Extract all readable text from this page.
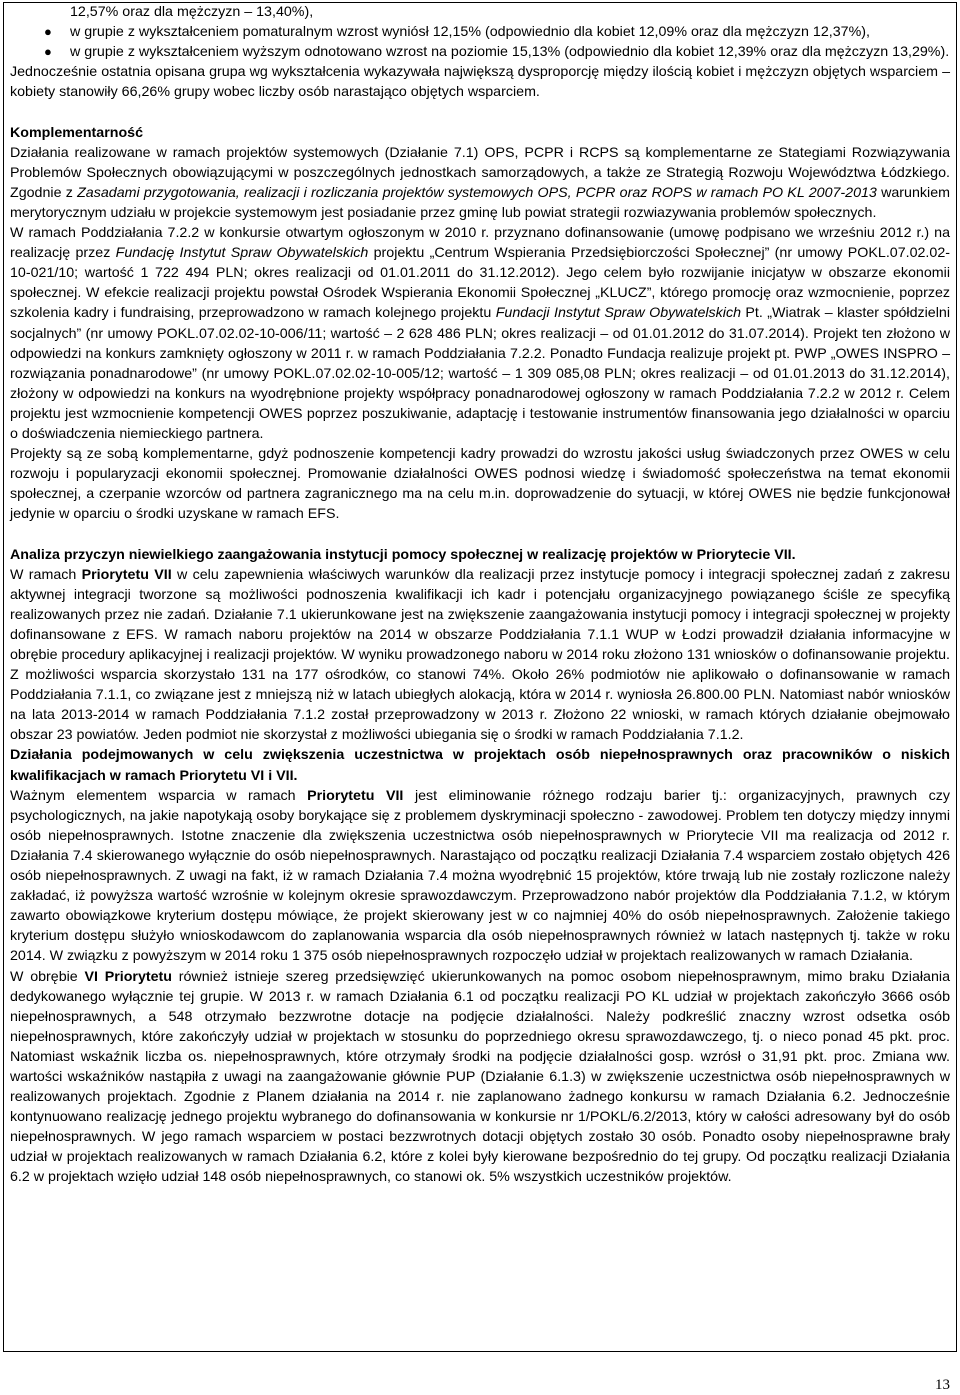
12,57% oraz dla mężczyzn – 13,40%),
● w grupie z wykształceniem pomaturalnym wzrost wyniósł 12,15% (odpowiednio dla kobiet 12,09% oraz dla mężczyzn 12,37%),
● w grupie z wykształceniem wyższym odnotowano wzrost na poziomie 15,13% (odpowiednio dla kobiet 12,39% oraz dla mężczyzn 13,29%).

Jednocześnie ostatnia opisana grupa wg wykształcenia wykazywała największą dysproporcję między ilością kobiet i mężczyzn objętych wsparciem – kobiety stanowiły 66,26% grupy wobec liczby osób narastająco objętych wsparciem.

Komplementarność

Działania realizowane w ramach projektów systemowych (Działanie 7.1) OPS, PCPR i RCPS są komplementarne ze Stategiami Rozwiązywania Problemów Społecznych obowiązującymi w poszczególnych jednostkach samorządowych, a także ze Strategią Rozwoju Województwa Łódzkiego. Zgodnie z Zasadami przygotowania, realizacji i rozliczania projektów systemowych OPS, PCPR oraz ROPS w ramach PO KL 2007-2013 warunkiem merytorycznym udziału w projekcie systemowym jest posiadanie przez gminę lub powiat strategii rozwiazywania problemów społecznych.

W ramach Poddziałania 7.2.2 w konkursie otwartym ogłoszonym w 2010 r. przyznano dofinansowanie (umowę podpisano we wrześniu 2012 r.) na realizację przez Fundację Instytut Spraw Obywatelskich projektu „Centrum Wspierania Przedsiębiorczości Społecznej” (nr umowy POKL.07.02.02-10-021/10; wartość 1 722 494 PLN; okres realizacji od 01.01.2011 do 31.12.2012). Jego celem było rozwijanie inicjatyw w obszarze ekonomii społecznej. W efekcie realizacji projektu powstał Ośrodek Wspierania Ekonomii Społecznej „KLUCZ”, którego promocję oraz wzmocnienie, poprzez szkolenia kadry i fundraising, przeprowadzono w ramach kolejnego projektu Fundacji Instytut Spraw Obywatelskich Pt. „Wiatrak – klaster spółdzielni socjalnych” (nr umowy POKL.07.02.02-10-006/11; wartość – 2 628 486 PLN; okres realizacji – od 01.01.2012 do 31.07.2014). Projekt ten złożono w odpowiedzi na konkurs zamknięty ogłoszony w 2011 r. w ramach Poddziałania 7.2.2. Ponadto Fundacja realizuje projekt pt. PWP „OWES INSPRO – rozwiązania ponadnarodowe” (nr umowy POKL.07.02.02-10-005/12; wartość – 1 309 085,08 PLN; okres realizacji – od 01.01.2013 do 31.12.2014), złożony w odpowiedzi na konkurs na wyodrębnione projekty współpracy ponadnarodowej ogłoszony w ramach Poddziałania 7.2.2 w 2012 r. Celem projektu jest wzmocnienie kompetencji OWES poprzez poszukiwanie, adaptację i testowanie instrumentów finansowania jego działalności w oparciu o doświadczenia niemieckiego partnera.

Projekty są ze sobą komplementarne, gdyż podnoszenie kompetencji kadry prowadzi do wzrostu jakości usług świadczonych przez OWES w celu rozwoju i popularyzacji ekonomii społecznej. Promowanie działalności OWES podnosi wiedzę i świadomość społeczeństwa na temat ekonomii społecznej, a czerpanie wzorców od partnera zagranicznego ma na celu m.in. doprowadzenie do sytuacji, w której OWES nie będzie funkcjonował jedynie w oparciu o środki uzyskane w ramach EFS.

Analiza przyczyn niewielkiego zaangażowania instytucji pomocy społecznej w realizację projektów w Priorytecie VII.

W ramach Priorytetu VII w celu zapewnienia właściwych warunków dla realizacji przez instytucje pomocy i integracji społecznej zadań z zakresu aktywnej integracji tworzone są możliwości podnoszenia kwalifikacji ich kadr i potencjału organizacyjnego powiązanego ściśle ze specyfiką realizowanych przez nie zadań. Działanie 7.1 ukierunkowane jest na zwiększenie zaangażowania instytucji pomocy i integracji społecznej w projekty dofinansowane z EFS. W ramach naboru projektów na 2014 w obszarze Poddziałania 7.1.1 WUP w Łodzi prowadził działania informacyjne w obrębie procedury aplikacyjnej i realizacji projektów. W wyniku prowadzonego naboru w 2014 roku złożono 131 wniosków o dofinansowanie projektu. Z możliwości wsparcia skorzystało 131 na 177 ośrodków, co stanowi 74%. Około 26% podmiotów nie aplikowało o dofinansowanie w ramach Poddziałania 7.1.1, co związane jest z mniejszą niż w latach ubiegłych alokacją, która w 2014 r. wyniosła 26.800.00 PLN. Natomiast nabór wniosków na lata 2013-2014 w ramach Poddziałania 7.1.2 został przeprowadzony w 2013 r. Złożono 22 wnioski, w ramach których działanie obejmowało obszar 23 powiatów. Jeden podmiot nie skorzystał z możliwości ubiegania się o środki w ramach Poddziałania 7.1.2.

Działania podejmowanych w celu zwiększenia uczestnictwa w projektach osób niepełnosprawnych oraz pracowników o niskich kwalifikacjach w ramach Priorytetu VI i VII.

Ważnym elementem wsparcia w ramach Priorytetu VII jest eliminowanie różnego rodzaju barier tj.: organizacyjnych, prawnych czy psychologicznych, na jakie napotykają osoby borykające się z problemem dyskryminacji społeczno - zawodowej. Problem ten dotyczy między innymi osób niepełnosprawnych. Istotne znaczenie dla zwiększenia uczestnictwa osób niepełnosprawnych w Priorytecie VII ma realizacja od 2012 r. Działania 7.4 skierowanego wyłącznie do osób niepełnosprawnych. Narastająco od początku realizacji Działania 7.4 wsparciem zostało objętych 426 osób niepełnosprawnych. Z uwagi na fakt, iż w ramach Działania 7.4 można wyodrębnić 15 projektów, które trwają lub nie zostały rozliczone należy zakładać, iż powyższa wartość wzrośnie w kolejnym okresie sprawozdawczym. Przeprowadzono nabór projektów dla Poddziałania 7.1.2, w którym zawarto obowiązkowe kryterium dostępu mówiące, że projekt skierowany jest w co najmniej 40% do osób niepełnosprawnych. Założenie takiego kryterium dostępu służyło wnioskodawcom do zaplanowania wsparcia dla osób niepełnosprawnych również w latach następnych tj. także w roku 2014. W związku z powyższym w 2014 roku 1 375 osób niepełnosprawnych rozpoczęło udział w projektach realizowanych w ramach Działania.

W obrębie VI Priorytetu również istnieje szereg przedsięwzięć ukierunkowanych na pomoc osobom niepełnosprawnym, mimo braku Działania dedykowanego wyłącznie tej grupie. W 2013 r. w ramach Działania 6.1 od początku realizacji PO KL udział w projektach zakończyło 3666 osób niepełnosprawnych, a 548 otrzymało bezzwrotne dotacje na podjęcie działalności. Należy podkreślić znaczny wzrost odsetka osób niepełnosprawnych, które zakończyły udział w projektach w stosunku do poprzedniego okresu sprawozdawczego, tj. o nieco ponad 45 pkt. proc. Natomiast wskaźnik liczba os. niepełnosprawnych, które otrzymały środki na podjęcie działalności gosp. wzrósł o 31,91 pkt. proc. Zmiana ww. wartości wskaźników nastąpiła z uwagi na zaangażowanie głównie PUP (Działanie 6.1.3) w zwiększenie uczestnictwa osób niepełnosprawnych w realizowanych projektach. Zgodnie z Planem działania na 2014 r. nie zaplanowano żadnego konkursu w ramach Działania 6.2. Jednocześnie kontynuowano realizację jednego projektu wybranego do dofinansowania w konkursie nr 1/POKL/6.2/2013, który w całości adresowany był do osób niepełnosprawnych. W jego ramach wsparciem w postaci bezzwrotnych dotacji objętych zostało 30 osób. Ponadto osoby niepełnosprawne brały udział w projektach realizowanych w ramach Działania 6.2, które z kolei były kierowane bezpośrednio do tej grupy. Od początku realizacji Działania 6.2 w projektach wzięło udział 148 osób niepełnosprawnych, co stanowi ok. 5% wszystkich uczestników projektów.

13
